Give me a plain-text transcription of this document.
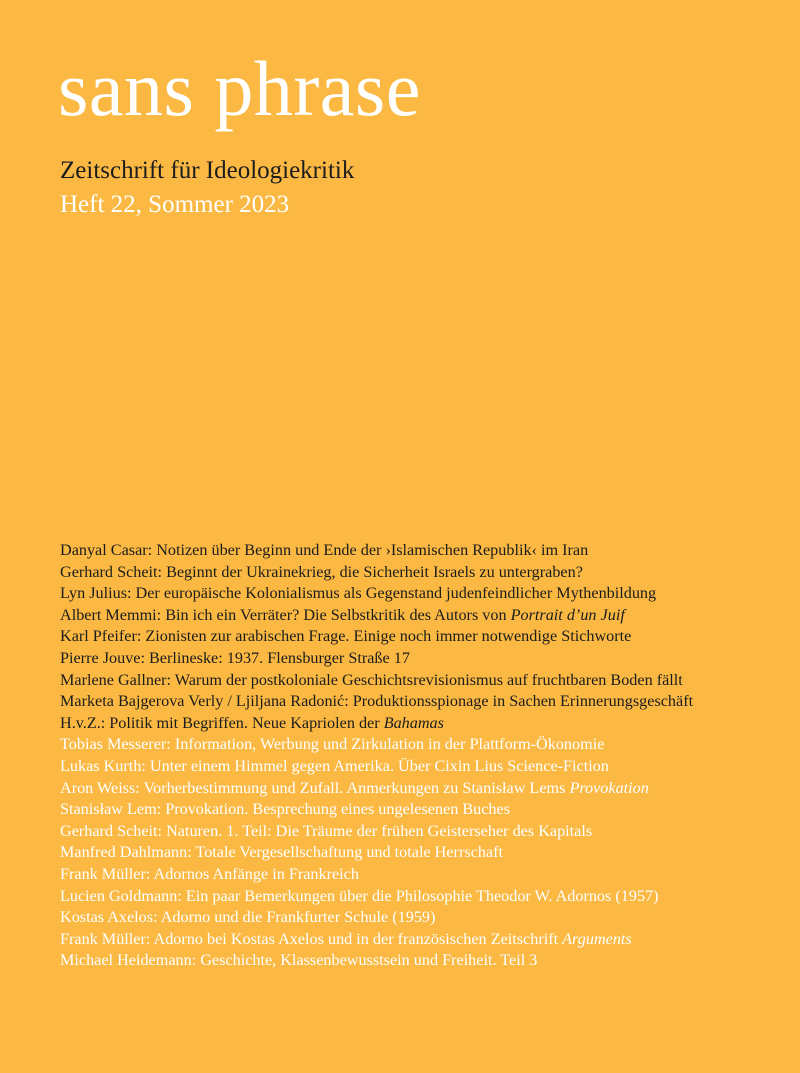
sans phrase
Zeitschrift für Ideologiekritik
Heft 22, Sommer 2023
Danyal Casar: Notizen über Beginn und Ende der ›Islamischen Republik‹ im Iran
Gerhard Scheit: Beginnt der Ukrainekrieg, die Sicherheit Israels zu untergraben?
Lyn Julius: Der europäische Kolonialismus als Gegenstand judenfeindlicher Mythenbildung
Albert Memmi: Bin ich ein Verräter? Die Selbstkritik des Autors von Portrait d’un Juif
Karl Pfeifer: Zionisten zur arabischen Frage. Einige noch immer notwendige Stichworte
Pierre Jouve: Berlineske: 1937. Flensburger Straße 17
Marlene Gallner: Warum der postkoloniale Geschichtsrevisionismus auf fruchtbaren Boden fällt
Marketa Bajgerova Verly / Ljiljana Radonić: Produktionsspionage in Sachen Erinnerungsgeschäft
H.v.Z.: Politik mit Begriffen. Neue Kapriolen der Bahamas
Tobias Messerer: Information, Werbung und Zirkulation in der Plattform-Ökonomie
Lukas Kurth: Unter einem Himmel gegen Amerika. Über Cixin Lius Science-Fiction
Aron Weiss: Vorherbestimmung und Zufall. Anmerkungen zu Stanisław Lems Provokation
Stanisław Lem: Provokation. Besprechung eines ungelesenen Buches
Gerhard Scheit: Naturen. 1. Teil: Die Träume der frühen Geisterseher des Kapitals
Manfred Dahlmann: Totale Vergesellschaftung und totale Herrschaft
Frank Müller: Adornos Anfänge in Frankreich
Lucien Goldmann: Ein paar Bemerkungen über die Philosophie Theodor W. Adornos (1957)
Kostas Axelos: Adorno und die Frankfurter Schule (1959)
Frank Müller: Adorno bei Kostas Axelos und in der französischen Zeitschrift Arguments
Michael Heidemann: Geschichte, Klassenbewusstsein und Freiheit. Teil 3
